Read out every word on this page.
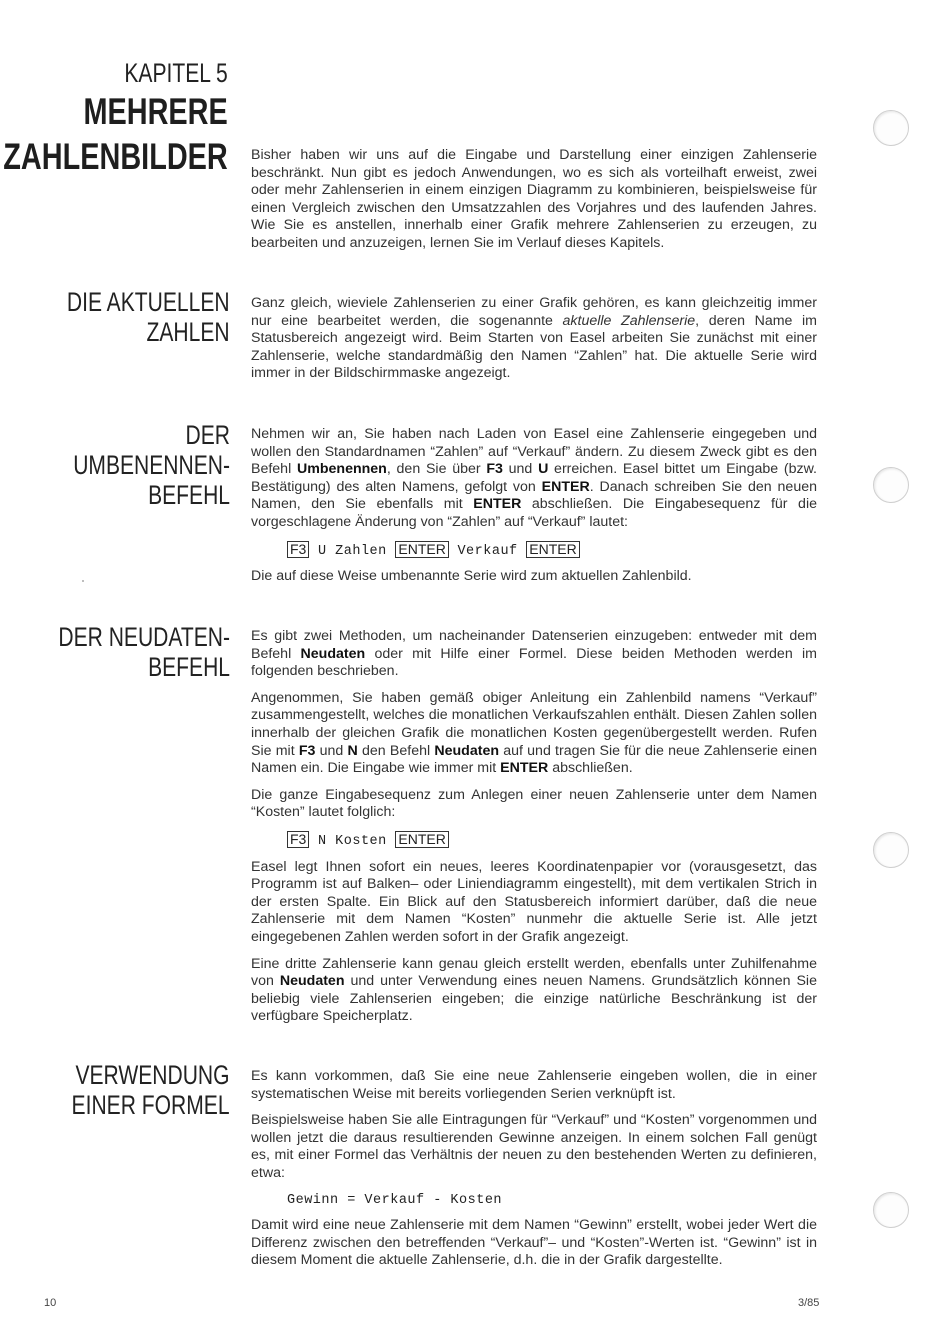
KAPITEL 5
MEHRERE
ZAHLENBILDER Bisher haben wir uns auf die Eingabe und Darstellung einer einzigen Zahlenserie beschränkt. Nun gibt es jedoch Anwendungen, wo es sich als vorteilhaft erweist, zwei oder mehr Zahlenserien in einem einzigen Diagramm zu kombinieren, beispielsweise für einen Vergleich zwischen den Umsatzzahlen des Vorjahres und des laufenden Jahres. Wie Sie es anstellen, innerhalb einer Grafik mehrere Zahlenserien zu erzeugen, zu bearbeiten und anzuzeigen, lernen Sie im Verlauf dieses Kapitels.

DIE AKTUELLEN
ZAHLEN

Ganz gleich, wieviele Zahlenserien zu einer Grafik gehören, es kann gleichzeitig immer nur eine bearbeitet werden, die sogenannte aktuelle Zahlenserie, deren Name im Statusbereich angezeigt wird. Beim Starten von Easel arbeiten Sie zunächst mit einer Zahlenserie, welche standardmäßig den Namen “Zahlen” hat. Die aktuelle Serie wird immer in der Bildschirmmaske angezeigt.

DER UMBENENNEN-
BEFEHL

Nehmen wir an, Sie haben nach Laden von Easel eine Zahlenserie eingegeben und wollen den Standardnamen “Zahlen” auf “Verkauf” ändern. Zu diesem Zweck gibt es den Befehl Umbenennen, den Sie über F3 und U erreichen. Easel bittet um Eingabe (bzw. Bestätigung) des alten Namens, gefolgt von ENTER. Danach schreiben Sie den neuen Namen, den Sie ebenfalls mit ENTER abschließen. Die Eingabesequenz für die vorgeschlagene Änderung von “Zahlen” auf “Verkauf” lautet:

F3 U Zahlen ENTER Verkauf ENTER

Die auf diese Weise umbenannte Serie wird zum aktuellen Zahlenbild.

DER NEUDATEN-
BEFEHL

Es gibt zwei Methoden, um nacheinander Datenserien einzugeben: entweder mit dem Befehl Neudaten oder mit Hilfe einer Formel. Diese beiden Methoden werden im folgenden beschrieben.

Angenommen, Sie haben gemäß obiger Anleitung ein Zahlenbild namens “Verkauf” zusammengestellt, welches die monatlichen Verkaufszahlen enthält. Diesen Zahlen sollen innerhalb der gleichen Grafik die monatlichen Kosten gegenübergestellt werden. Rufen Sie mit F3 und N den Befehl Neudaten auf und tragen Sie für die neue Zahlenserie einen Namen ein. Die Eingabe wie immer mit ENTER abschließen.

Die ganze Eingabesequenz zum Anlegen einer neuen Zahlenserie unter dem Namen “Kosten” lautet folglich:

F3 N Kosten ENTER

Easel legt Ihnen sofort ein neues, leeres Koordinatenpapier vor (vorausgesetzt, das Programm ist auf Balken– oder Liniendiagramm eingestellt), mit dem vertikalen Strich in der ersten Spalte. Ein Blick auf den Statusbereich informiert darüber, daß die neue Zahlenserie mit dem Namen “Kosten” nunmehr die aktuelle Serie ist. Alle jetzt eingegebenen Zahlen werden sofort in der Grafik angezeigt.

Eine dritte Zahlenserie kann genau gleich erstellt werden, ebenfalls unter Zuhilfenahme von Neudaten und unter Verwendung eines neuen Namens. Grundsätzlich können Sie beliebig viele Zahlenserien eingeben; die einzige natürliche Beschränkung ist der verfügbare Speicherplatz.

VERWENDUNG
EINER FORMEL

Es kann vorkommen, daß Sie eine neue Zahlenserie eingeben wollen, die in einer systematischen Weise mit bereits vorliegenden Serien verknüpft ist.

Beispielsweise haben Sie alle Eintragungen für “Verkauf” und “Kosten” vorgenommen und wollen jetzt die daraus resultierenden Gewinne anzeigen. In einem solchen Fall genügt es, mit einer Formel das Verhältnis der neuen zu den bestehenden Werten zu definieren, etwa:

Gewinn = Verkauf - Kosten

Damit wird eine neue Zahlenserie mit dem Namen “Gewinn” erstellt, wobei jeder Wert die Differenz zwischen den betreffenden “Verkauf”– und “Kosten”-Werten ist. “Gewinn” ist in diesem Moment die aktuelle Zahlenserie, d.h. die in der Grafik dargestellte.

10	3/85
